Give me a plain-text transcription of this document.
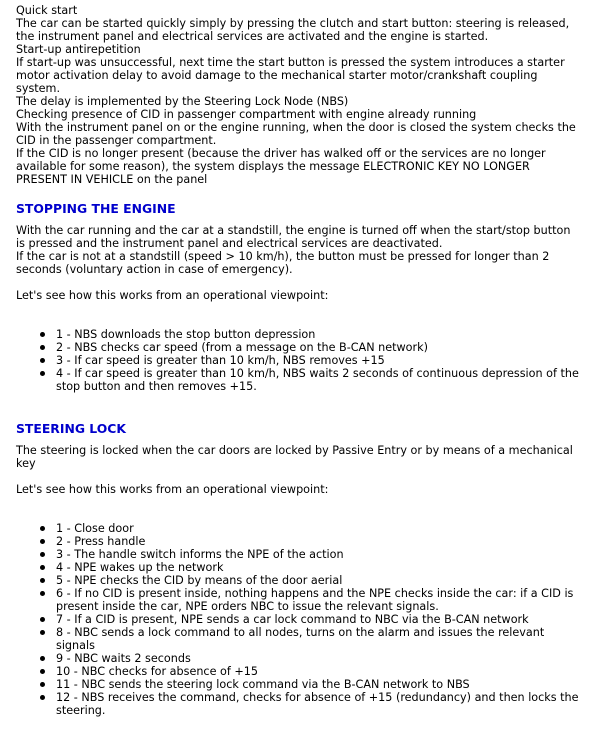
Quick start

The car can be started quickly simply by pressing the clutch and start button: steering is released, the instrument panel and electrical services are activated and the engine is started.

Start-up antirepetition

If start-up was unsuccessful, next time the start button is pressed the system introduces a starter motor activation delay to avoid damage to the mechanical starter motor/crankshaft coupling system.

The delay is implemented by the Steering Lock Node (NBS)

Checking presence of CID in passenger compartment with engine already running

With the instrument panel on or the engine running, when the door is closed the system checks the CID in the passenger compartment.

If the CID is no longer present (because the driver has walked off or the services are no longer available for some reason), the system displays the message ELECTRONIC KEY NO LONGER PRESENT IN VEHICLE on the panel

STOPPING THE ENGINE

With the car running and the car at a standstill, the engine is turned off when the start/stop button is pressed and the instrument panel and electrical services are deactivated.

If the car is not at a standstill (speed > 10 km/h), the button must be pressed for longer than 2 seconds (voluntary action in case of emergency).

Let's see how this works from an operational viewpoint:

1 - NBS downloads the stop button depression
2 - NBS checks car speed (from a message on the B-CAN network)
3 - If car speed is greater than 10 km/h, NBS removes +15
4 - If car speed is greater than 10 km/h, NBS waits 2 seconds of continuous depression of the stop button and then removes +15.
STEERING LOCK

The steering is locked when the car doors are locked by Passive Entry or by means of a mechanical key

Let's see how this works from an operational viewpoint:

1 - Close door
2 - Press handle
3 - The handle switch informs the NPE of the action
4 - NPE wakes up the network
5 - NPE checks the CID by means of the door aerial
6 - If no CID is present inside, nothing happens and the NPE checks inside the car: if a CID is present inside the car, NPE orders NBC to issue the relevant signals.
7 - If a CID is present, NPE sends a car lock command to NBC via the B-CAN network
8 - NBC sends a lock command to all nodes, turns on the alarm and issues the relevant signals
9 - NBC waits 2 seconds
10 - NBC checks for absence of +15
11 - NBC sends the steering lock command via the B-CAN network to NBS
12 - NBS receives the command, checks for absence of +15 (redundancy) and then locks the steering.
